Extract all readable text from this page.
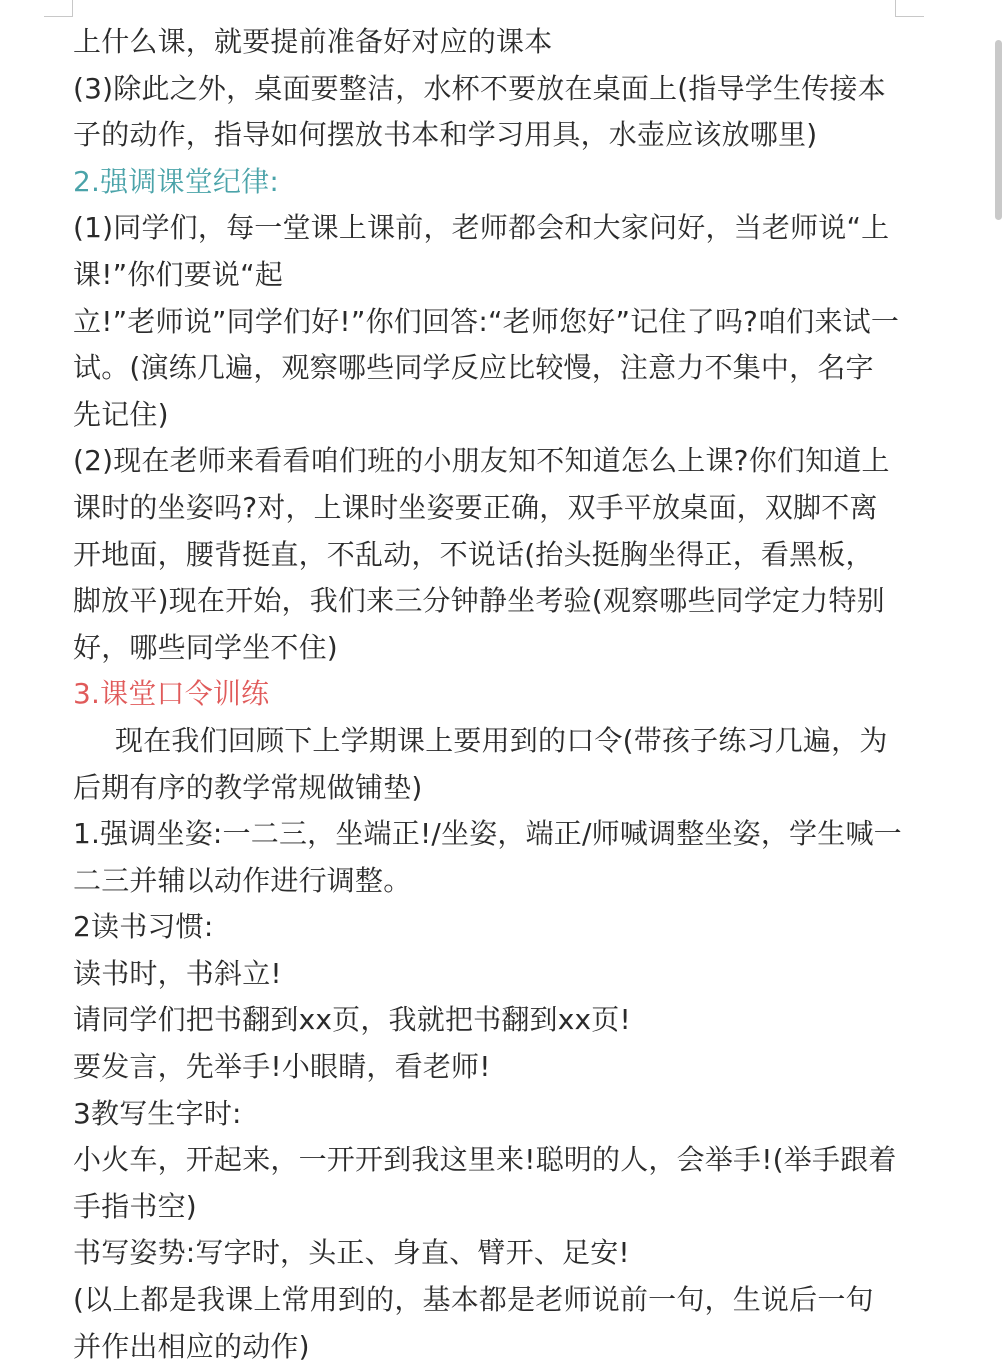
上什么课，就要提前准备好对应的课本
(3)除此之外，桌面要整洁，水杯不要放在桌面上(指导学生传接本
子的动作，指导如何摆放书本和学习用具，水壶应该放哪里)
2.强调课堂纪律:
(1)同学们，每一堂课上课前，老师都会和大家问好，当老师说“上
课!”你们要说“起
立!”老师说”同学们好!”你们回答:“老师您好”记住了吗?咱们来试一
试。(演练几遍，观察哪些同学反应比较慢，注意力不集中，名字
先记住)
(2)现在老师来看看咱们班的小朋友知不知道怎么上课?你们知道上
课时的坐姿吗?对，上课时坐姿要正确，双手平放桌面，双脚不离
开地面，腰背挺直，不乱动，不说话(抬头挺胸坐得正，看黑板，
脚放平)现在开始，我们来三分钟静坐考验(观察哪些同学定力特别
好，哪些同学坐不住)
3.课堂口令训练
现在我们回顾下上学期课上要用到的口令(带孩子练习几遍，为
后期有序的教学常规做铺垫)
1.强调坐姿:一二三，坐端正!/坐姿，端正/师喊调整坐姿，学生喊一
二三并辅以动作进行调整。
2读书习惯:
读书时，书斜立!
请同学们把书翻到xx页，我就把书翻到xx页!
要发言，先举手!小眼睛，看老师!
3教写生字时:
小火车，开起来，一开开到我这里来!聪明的人，会举手!(举手跟着
手指书空)
书写姿势:写字时，头正、身直、臂开、足安!
(以上都是我课上常用到的，基本都是老师说前一句，生说后一句
并作出相应的动作)
